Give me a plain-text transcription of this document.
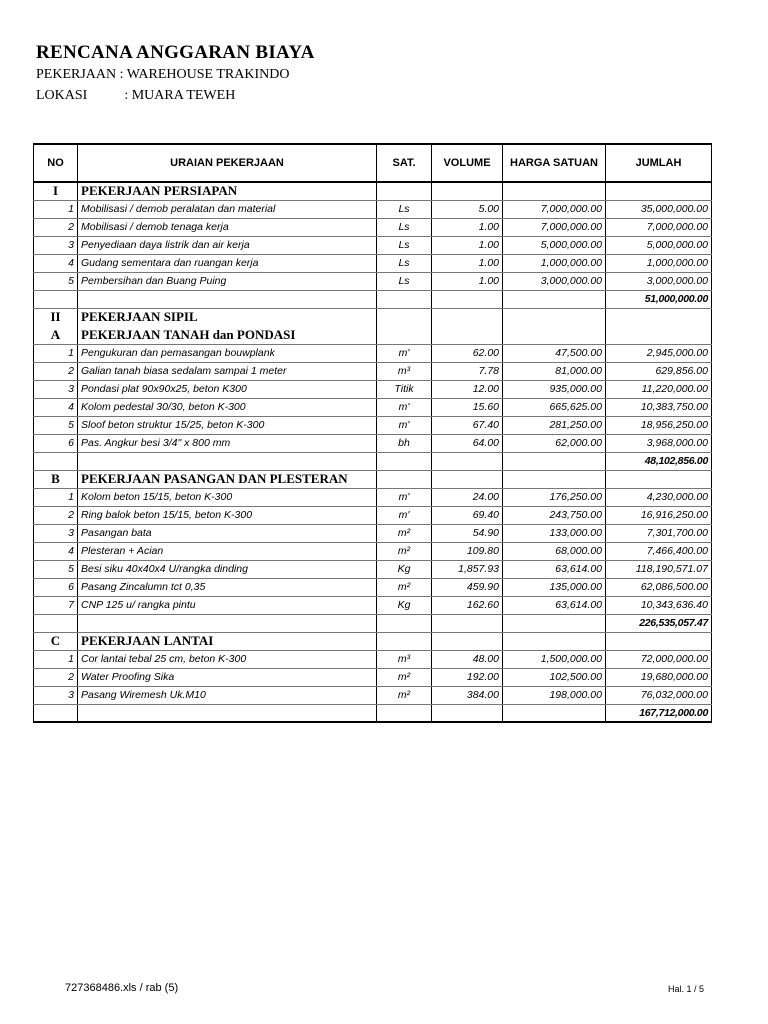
RENCANA ANGGARAN BIAYA
PEKERJAAN : WAREHOUSE TRAKINDO
LOKASI	: MUARA TEWEH
NO	URAIAN PEKERJAAN	SAT.	VOLUME	HARGA SATUAN	JUMLAH
I	PEKERJAAN PERSIAPAN				
1	Mobilisasi / demob peralatan dan material	Ls	5.00	7,000,000.00	35,000,000.00
2	Mobilisasi / demob tenaga kerja	Ls	1.00	7,000,000.00	7,000,000.00
3	Penyediaan daya listrik dan air kerja	Ls	1.00	5,000,000.00	5,000,000.00
4	Gudang sementara dan ruangan kerja	Ls	1.00	1,000,000.00	1,000,000.00
5	Pembersihan dan Buang Puing	Ls	1.00	3,000,000.00	3,000,000.00
					51,000,000.00
II	PEKERJAAN SIPIL				
A	PEKERJAAN TANAH dan PONDASI				
1	Pengukuran dan pemasangan bouwplank	m'	62.00	47,500.00	2,945,000.00
2	Galian tanah biasa sedalam sampai 1 meter	m³	7.78	81,000.00	629,856.00
3	Pondasi plat 90x90x25, beton K300	Titik	12.00	935,000.00	11,220,000.00
4	Kolom pedestal 30/30, beton K-300	m'	15.60	665,625.00	10,383,750.00
5	Sloof beton struktur 15/25, beton K-300	m'	67.40	281,250.00	18,956,250.00
6	Pas. Angkur besi 3/4" x 800 mm	bh	64.00	62,000.00	3,968,000.00
					48,102,856.00
B	PEKERJAAN PASANGAN DAN PLESTERAN				
1	Kolom beton 15/15, beton K-300	m'	24.00	176,250.00	4,230,000.00
2	Ring balok beton 15/15, beton K-300	m'	69.40	243,750.00	16,916,250.00
3	Pasangan bata	m²	54.90	133,000.00	7,301,700.00
4	Plesteran + Acian	m²	109.80	68,000.00	7,466,400.00
5	Besi siku 40x40x4 U/rangka dinding	Kg	1,857.93	63,614.00	118,190,571.07
6	Pasang Zincalumn tct 0,35	m²	459.90	135,000.00	62,086,500.00
7	CNP 125 u/ rangka pintu	Kg	162.60	63,614.00	10,343,636.40
					226,535,057.47
C	PEKERJAAN LANTAI				
1	Cor lantai tebal 25 cm, beton K-300	m³	48.00	1,500,000.00	72,000,000.00
2	Water Proofing Sika	m²	192.00	102,500.00	19,680,000.00
3	Pasang Wiremesh Uk.M10	m²	384.00	198,000.00	76,032,000.00
					167,712,000.00
727368486.xls / rab (5)	Hal. 1 / 5
